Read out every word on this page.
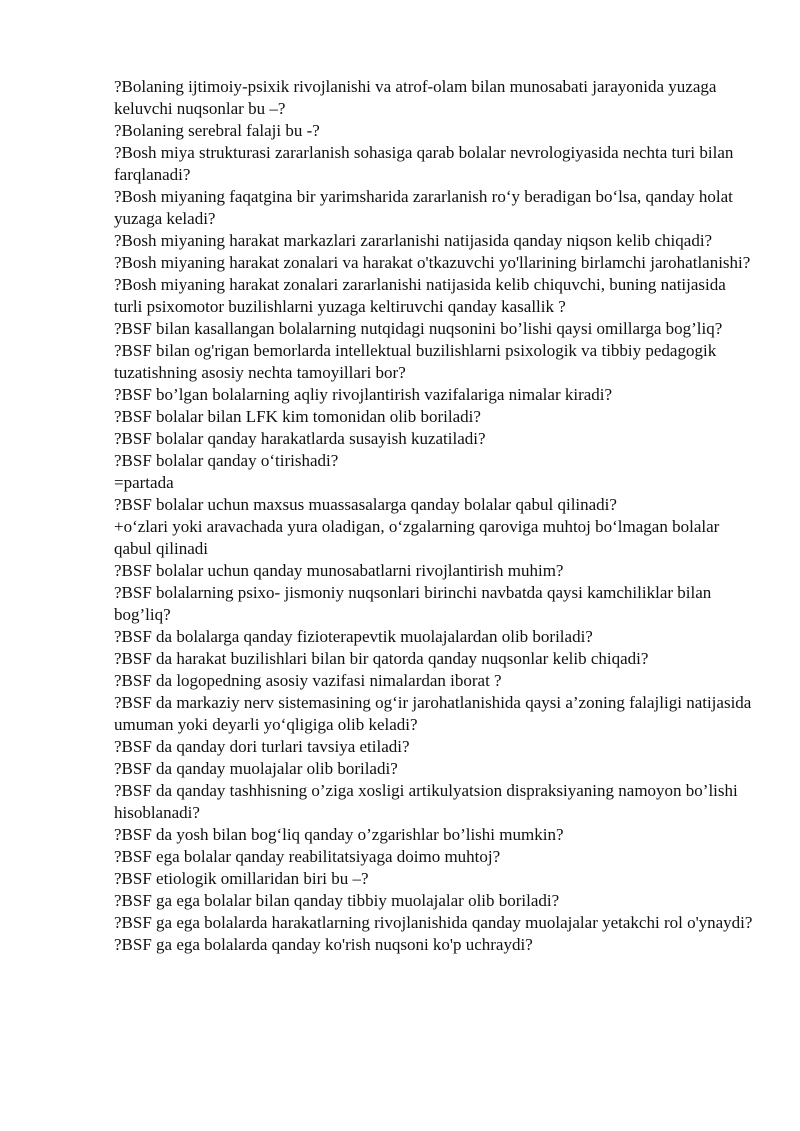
?Bolaning ijtimoiy-psixik rivojlanishi va atrof-olam bilan munosabati jarayonida yuzaga keluvchi nuqsonlar bu –?

?Bolaning serebral falaji bu -?

?Bosh miya strukturasi zararlanish sohasiga qarab bolalar nevrologiyasida nechta turi bilan farqlanadi?

?Bosh miyaning faqatgina bir yarimsharida zararlanish ro‘y beradigan bo‘lsa, qanday holat yuzaga keladi?

?Bosh miyaning harakat markazlari zararlanishi natijasida qanday niqson kelib chiqadi?

?Bosh miyaning harakat zonalari va harakat o'tkazuvchi yo'llarining birlamchi jarohatlanishi?

?Bosh miyaning harakat zonalari zararlanishi natijasida kelib chiquvchi, buning natijasida turli psixomotor buzilishlarni yuzaga keltiruvchi qanday kasallik ?

?BSF bilan kasallangan bolalarning nutqidagi nuqsonini bo’lishi qaysi omillarga bog’liq?

?BSF bilan og'rigan bemorlarda intellektual buzilishlarni psixologik va tibbiy pedagogik tuzatishning asosiy nechta tamoyillari bor?

?BSF bo’lgan bolalarning aqliy rivojlantirish vazifalariga nimalar kiradi?

?BSF bolalar bilan LFK kim tomonidan olib boriladi?

?BSF bolalar qanday harakatlarda susayish kuzatiladi?

?BSF bolalar qanday o‘tirishadi?

=partada

?BSF bolalar uchun maxsus muassasalarga qanday bolalar qabul qilinadi?

+o‘zlari yoki aravachada yura oladigan, o‘zgalarning qaroviga muhtoj bo‘lmagan bolalar qabul qilinadi

?BSF bolalar uchun qanday munosabatlarni rivojlantirish muhim?

?BSF bolalarning psixo- jismoniy nuqsonlari birinchi navbatda qaysi kamchiliklar bilan bog’liq?

?BSF da bolalarga qanday fizioterapevtik muolajalardan olib boriladi?

?BSF da harakat buzilishlari bilan bir qatorda qanday nuqsonlar kelib chiqadi?

?BSF da logopedning asosiy vazifasi nimalardan iborat ?

?BSF da markaziy nerv sistemasining og‘ir jarohatlanishida qaysi a’zoning falajligi natijasida umuman yoki deyarli yo‘qligiga olib keladi?

?BSF da qanday dori turlari tavsiya etiladi?

?BSF da qanday muolajalar olib boriladi?

?BSF da qanday tashhisning o’ziga xosligi artikulyatsion dispraksiyaning namoyon bo’lishi hisoblanadi?

?BSF da yosh bilan bog‘liq qanday o’zgarishlar bo’lishi mumkin?

?BSF ega bolalar qanday reabilitatsiyaga doimo muhtoj?

?BSF etiologik omillaridan biri bu –?

?BSF ga ega bolalar bilan qanday tibbiy muolajalar olib boriladi?

?BSF ga ega bolalarda harakatlarning rivojlanishida qanday muolajalar yetakchi rol o'ynaydi?

?BSF ga ega bolalarda qanday ko'rish nuqsoni ko'p uchraydi?
